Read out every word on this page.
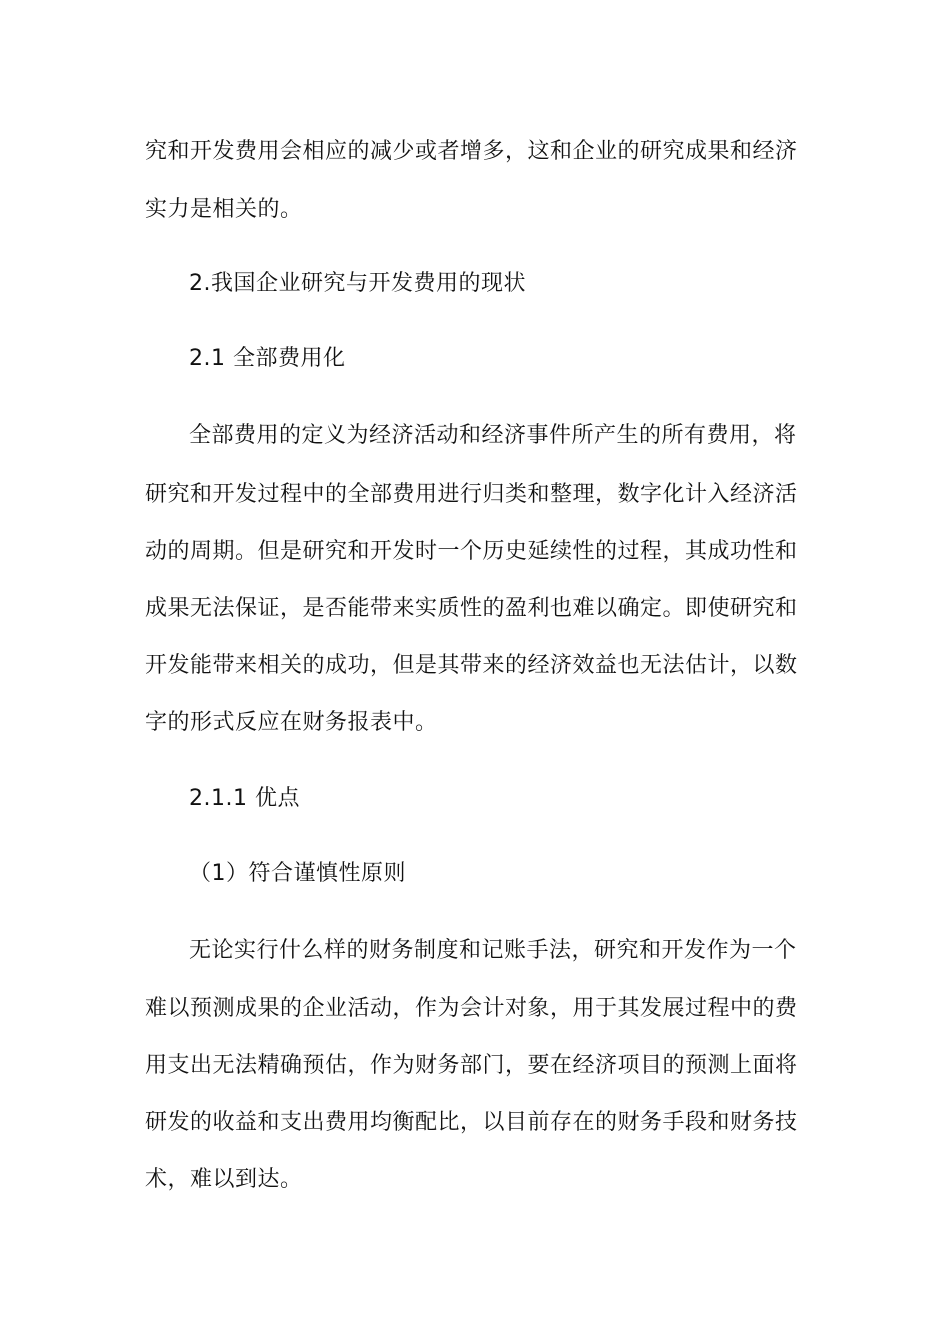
究和开发费用会相应的减少或者增多，这和企业的研究成果和经济
实力是相关的。
2.我国企业研究与开发费用的现状
2.1 全部费用化
全部费用的定义为经济活动和经济事件所产生的所有费用，将
研究和开发过程中的全部费用进行归类和整理，数字化计入经济活
动的周期。但是研究和开发时一个历史延续性的过程，其成功性和
成果无法保证，是否能带来实质性的盈利也难以确定。即使研究和
开发能带来相关的成功，但是其带来的经济效益也无法估计，以数
字的形式反应在财务报表中。
2.1.1 优点
（1）符合谨慎性原则
无论实行什么样的财务制度和记账手法，研究和开发作为一个
难以预测成果的企业活动，作为会计对象，用于其发展过程中的费
用支出无法精确预估，作为财务部门，要在经济项目的预测上面将
研发的收益和支出费用均衡配比，以目前存在的财务手段和财务技
术，难以到达。
